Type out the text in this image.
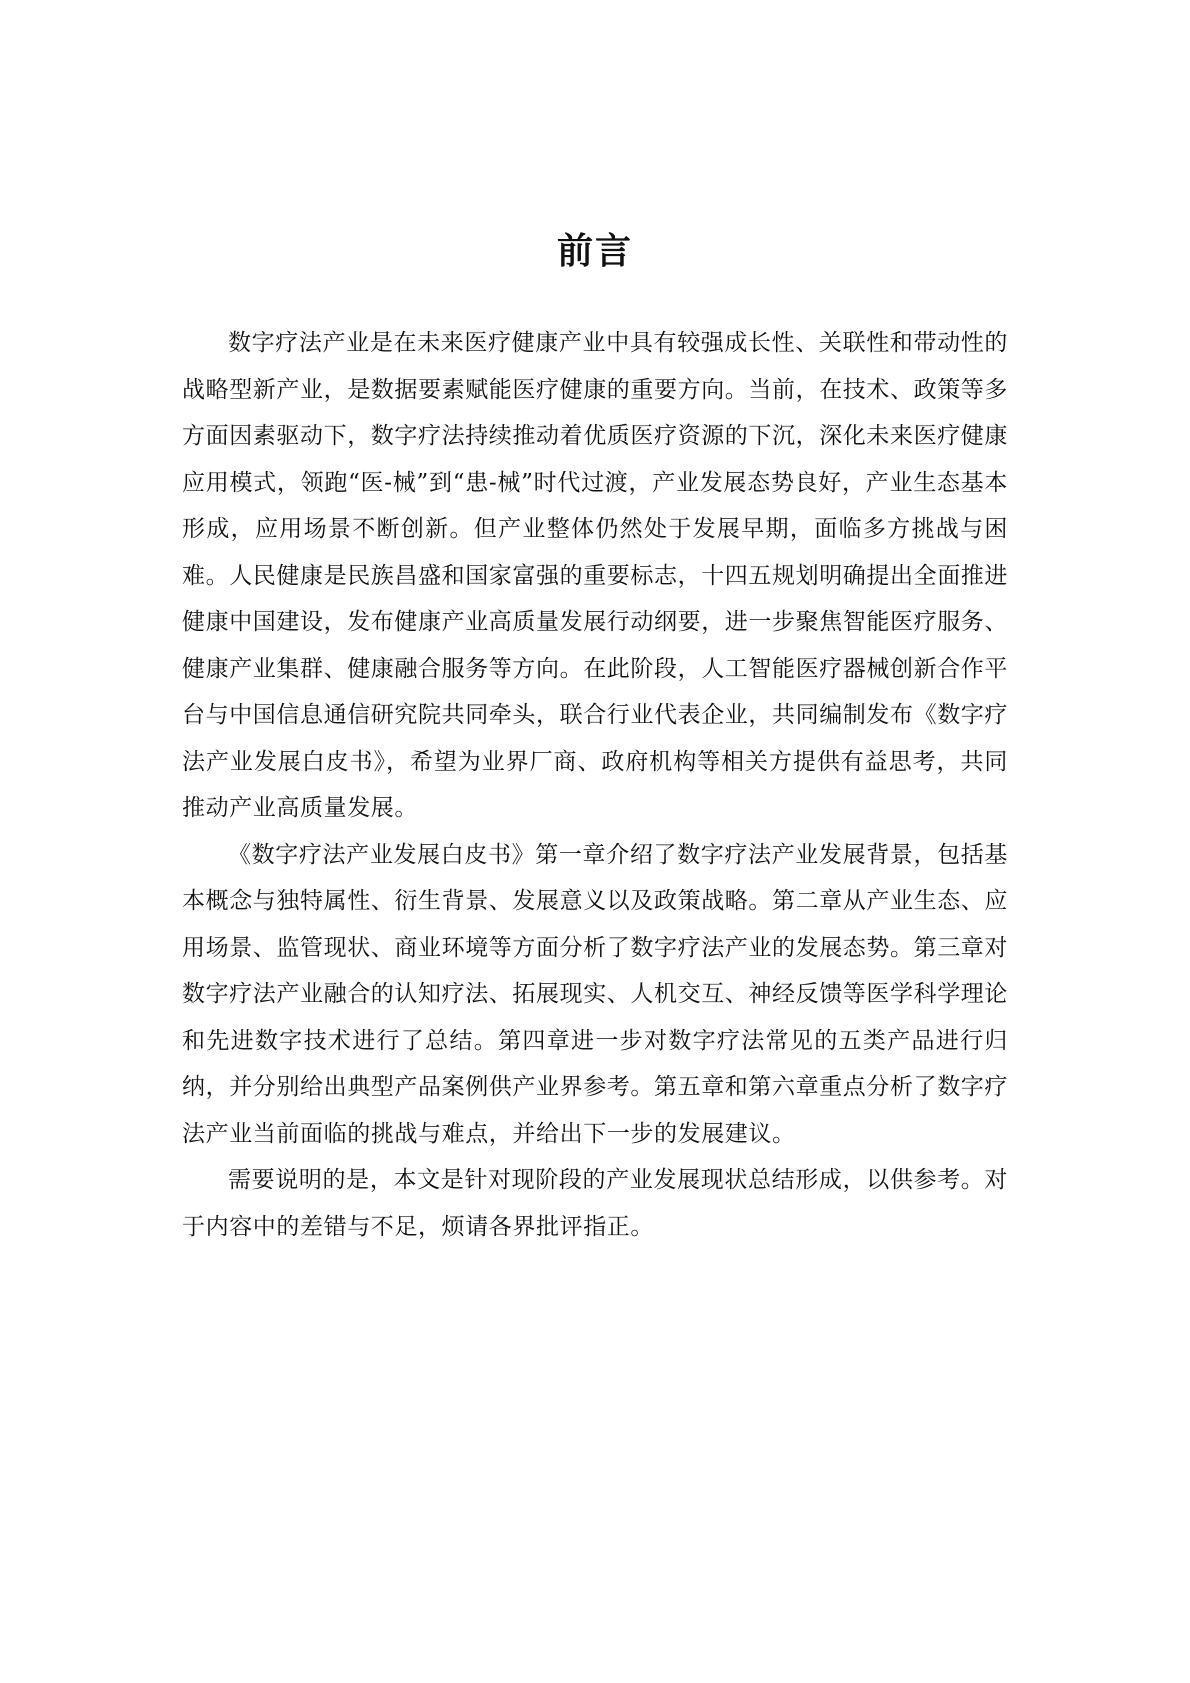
前言

数字疗法产业是在未来医疗健康产业中具有较强成长性、关联性和带动性的战略型新产业，是数据要素赋能医疗健康的重要方向。当前，在技术、政策等多方面因素驱动下，数字疗法持续推动着优质医疗资源的下沉，深化未来医疗健康应用模式，领跑“医-械”到“患-械”时代过渡，产业发展态势良好，产业生态基本形成，应用场景不断创新。但产业整体仍然处于发展早期，面临多方挑战与困难。人民健康是民族昌盛和国家富强的重要标志，十四五规划明确提出全面推进健康中国建设，发布健康产业高质量发展行动纲要，进一步聚焦智能医疗服务、健康产业集群、健康融合服务等方向。在此阶段，人工智能医疗器械创新合作平台与中国信息通信研究院共同牵头，联合行业代表企业，共同编制发布《数字疗法产业发展白皮书》，希望为业界厂商、政府机构等相关方提供有益思考，共同推动产业高质量发展。

《数字疗法产业发展白皮书》第一章介绍了数字疗法产业发展背景，包括基本概念与独特属性、衍生背景、发展意义以及政策战略。第二章从产业生态、应用场景、监管现状、商业环境等方面分析了数字疗法产业的发展态势。第三章对数字疗法产业融合的认知疗法、拓展现实、人机交互、神经反馈等医学科学理论和先进数字技术进行了总结。第四章进一步对数字疗法常见的五类产品进行归纳，并分别给出典型产品案例供产业界参考。第五章和第六章重点分析了数字疗法产业当前面临的挑战与难点，并给出下一步的发展建议。

需要说明的是，本文是针对现阶段的产业发展现状总结形成，以供参考。对于内容中的差错与不足，烦请各界批评指正。
